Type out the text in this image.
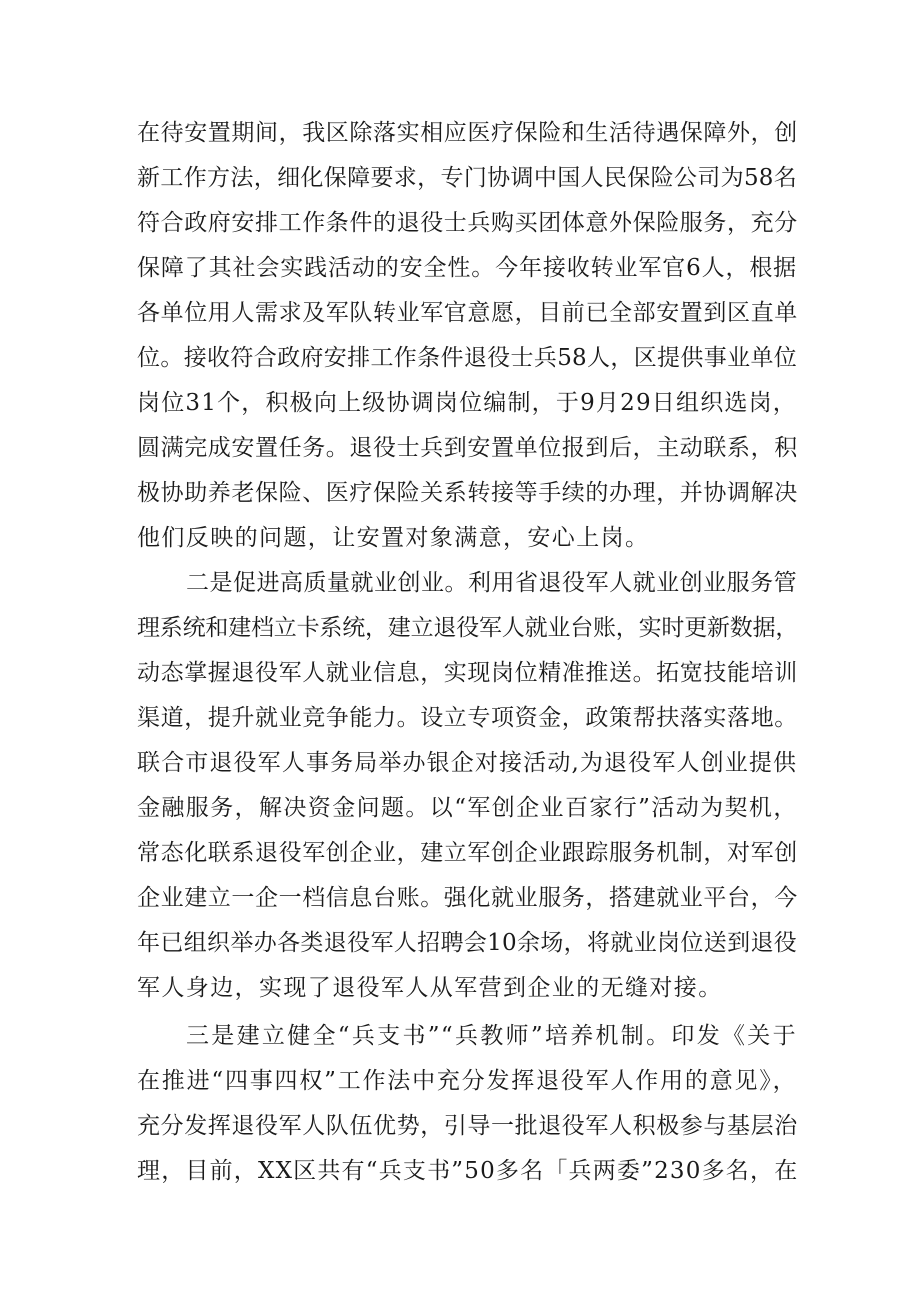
在待安置期间，我区除落实相应医疗保险和生活待遇保障外，创
新工作方法，细化保障要求，专门协调中国人民保险公司为58名
符合政府安排工作条件的退役士兵购买团体意外保险服务，充分
保障了其社会实践活动的安全性。今年接收转业军官6人，根据
各单位用人需求及军队转业军官意愿，目前已全部安置到区直单
位。接收符合政府安排工作条件退役士兵58人，区提供事业单位
岗位31个，积极向上级协调岗位编制，于9月29日组织选岗，
圆满完成安置任务。退役士兵到安置单位报到后，主动联系，积
极协助养老保险、医疗保险关系转接等手续的办理，并协调解决
他们反映的问题，让安置对象满意，安心上岗。
二是促进高质量就业创业。利用省退役军人就业创业服务管
理系统和建档立卡系统，建立退役军人就业台账，实时更新数据，
动态掌握退役军人就业信息，实现岗位精准推送。拓宽技能培训
渠道，提升就业竞争能力。设立专项资金，政策帮扶落实落地。
联合市退役军人事务局举办银企对接活动,为退役军人创业提供
金融服务，解决资金问题。以“军创企业百家行”活动为契机，
常态化联系退役军创企业，建立军创企业跟踪服务机制，对军创
企业建立一企一档信息台账。强化就业服务，搭建就业平台，今
年已组织举办各类退役军人招聘会10余场，将就业岗位送到退役
军人身边，实现了退役军人从军营到企业的无缝对接。
三是建立健全“兵支书”“兵教师”培养机制。印发《关于
在推进“四事四权”工作法中充分发挥退役军人作用的意见》，
充分发挥退役军人队伍优势，引导一批退役军人积极参与基层治
理，目前，XX区共有“兵支书”50多名「兵两委”230多名，在
